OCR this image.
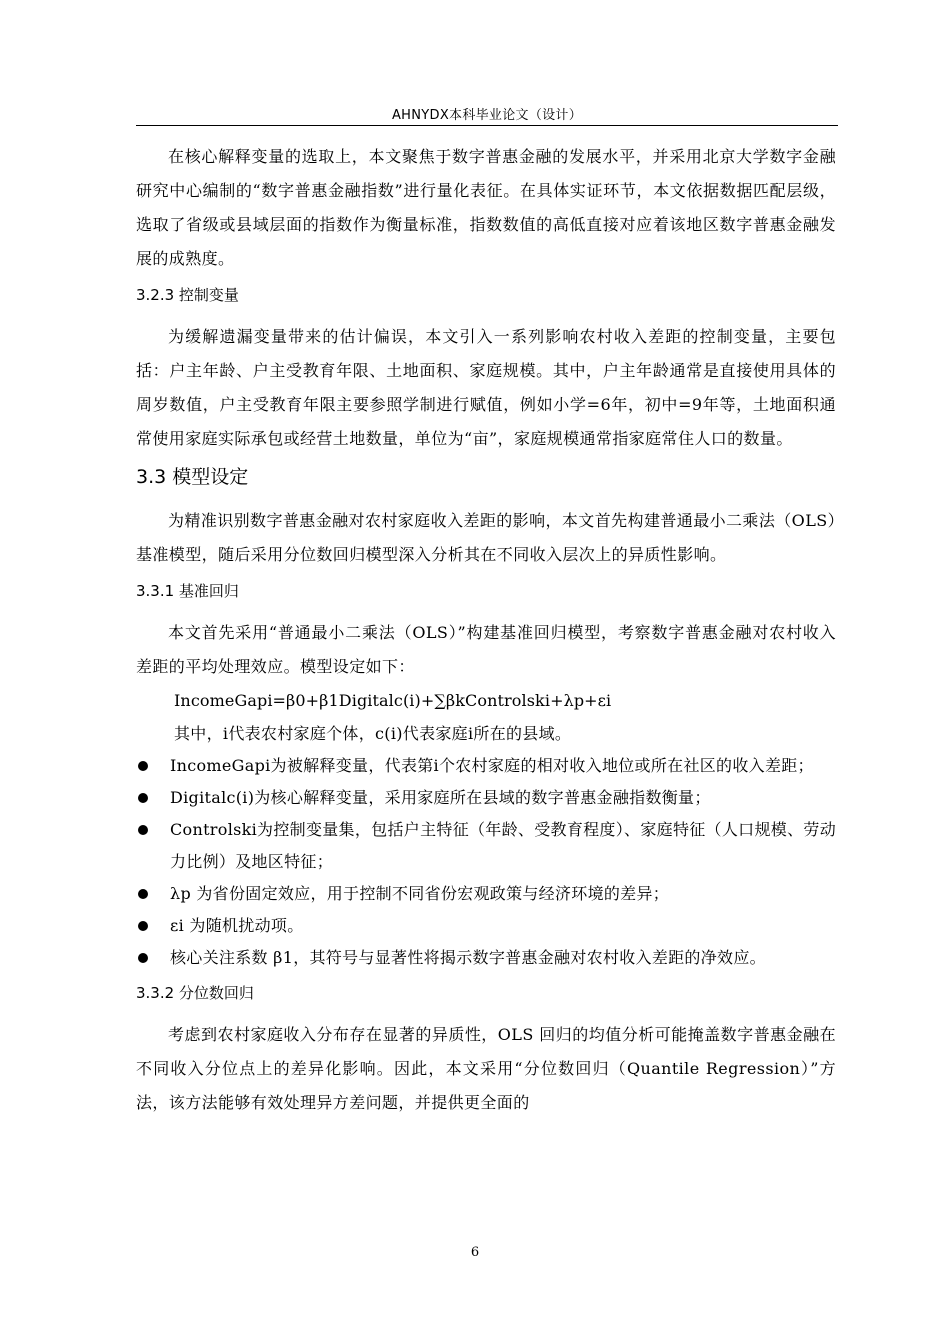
AHNYDX本科毕业论文（设计）

在核心解释变量的选取上，本文聚焦于数字普惠金融的发展水平，并采用北京大学数字金融研究中心编制的“数字普惠金融指数”进行量化表征。在具体实证环节，本文依据数据匹配层级，选取了省级或县域层面的指数作为衡量标准，指数数值的高低直接对应着该地区数字普惠金融发展的成熟度。

3.2.3 控制变量

为缓解遗漏变量带来的估计偏误，本文引入一系列影响农村收入差距的控制变量，主要包括：户主年龄、户主受教育年限、土地面积、家庭规模。其中，户主年龄通常是直接使用具体的周岁数值，户主受教育年限主要参照学制进行赋值，例如小学=6年，初中=9年等，土地面积通常使用家庭实际承包或经营土地数量，单位为“亩”，家庭规模通常指家庭常住人口的数量。

3.3 模型设定

为精准识别数字普惠金融对农村家庭收入差距的影响，本文首先构建普通最小二乘法（OLS）基准模型，随后采用分位数回归模型深入分析其在不同收入层次上的异质性影响。

3.3.1 基准回归

本文首先采用“普通最小二乘法（OLS）”构建基准回归模型，考察数字普惠金融对农村收入差距的平均处理效应。模型设定如下：

IncomeGapi=β0+β1Digitalc(i)+∑βkControlski+λp+εi
其中，i代表农村家庭个体，c(i)代表家庭i所在的县域。
IncomeGapi为被解释变量，代表第i个农村家庭的相对收入地位或所在社区的收入差距；
Digitalc(i)为核心解释变量，采用家庭所在县域的数字普惠金融指数衡量；
Controlski为控制变量集，包括户主特征（年龄、受教育程度）、家庭特征（人口规模、劳动力比例）及地区特征；
λp 为省份固定效应，用于控制不同省份宏观政策与经济环境的差异；
εi 为随机扰动项。
核心关注系数 β1，其符号与显著性将揭示数字普惠金融对农村收入差距的净效应。
3.3.2 分位数回归

考虑到农村家庭收入分布存在显著的异质性，OLS 回归的均值分析可能掩盖数字普惠金融在不同收入分位点上的差异化影响。因此，本文采用“分位数回归（Quantile Regression）”方法，该方法能够有效处理异方差问题，并提供更全面的

6
